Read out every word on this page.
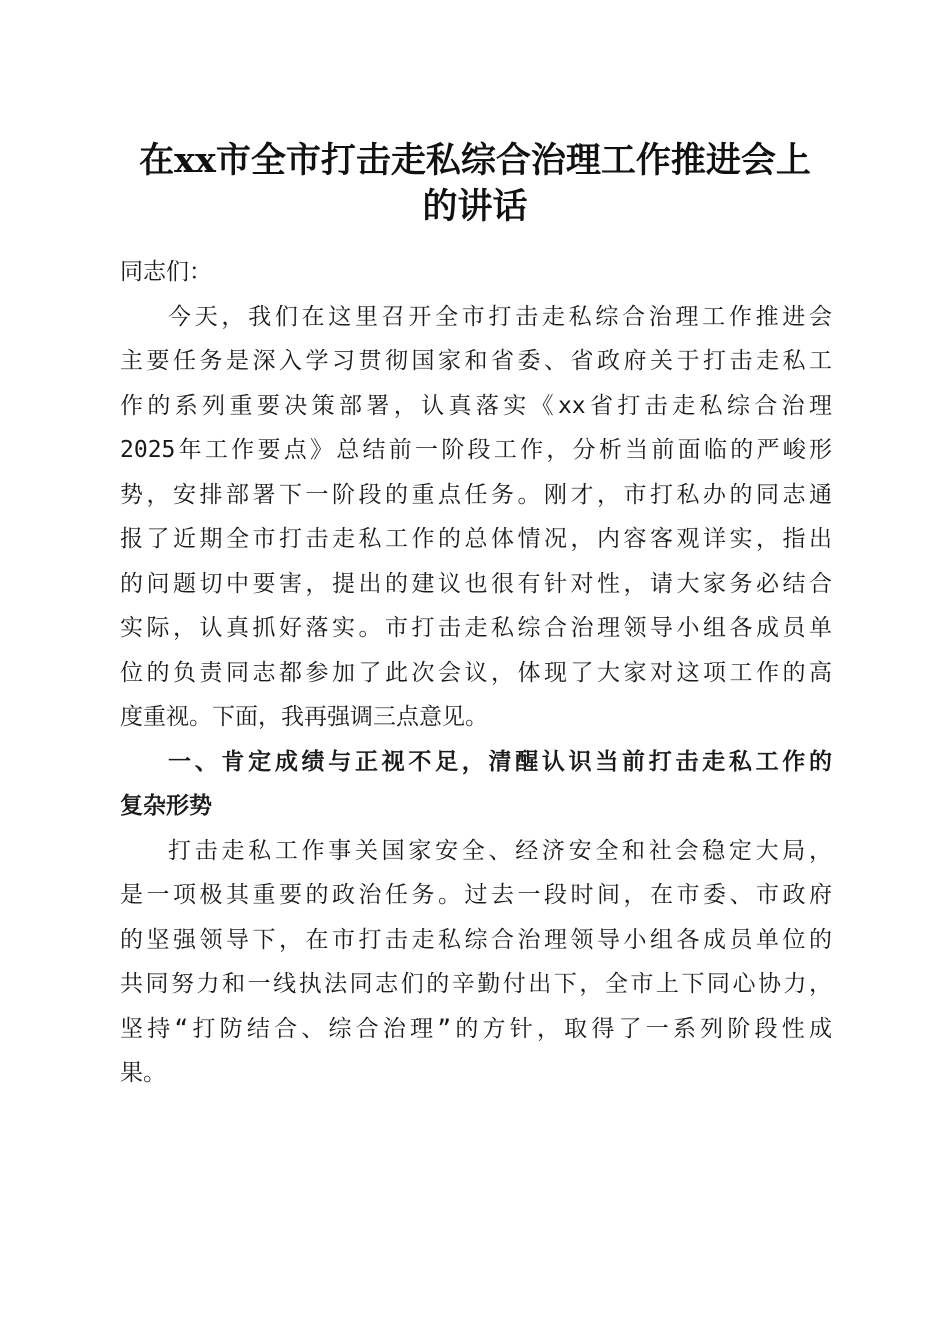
在xx市全市打击走私综合治理工作推进会上
的讲话
同志们：
今天，我们在这里召开全市打击走私综合治理工作推进会
主要任务是深入学习贯彻国家和省委、省政府关于打击走私工
作的系列重要决策部署，认真落实《xx省打击走私综合治理
2025年工作要点》总结前一阶段工作，分析当前面临的严峻形
势，安排部署下一阶段的重点任务。刚才，市打私办的同志通
报了近期全市打击走私工作的总体情况，内容客观详实，指出
的问题切中要害，提出的建议也很有针对性，请大家务必结合
实际，认真抓好落实。市打击走私综合治理领导小组各成员单
位的负责同志都参加了此次会议，体现了大家对这项工作的高
度重视。下面，我再强调三点意见。
一、肯定成绩与正视不足，清醒认识当前打击走私工作的
复杂形势
打击走私工作事关国家安全、经济安全和社会稳定大局，
是一项极其重要的政治任务。过去一段时间，在市委、市政府
的坚强领导下，在市打击走私综合治理领导小组各成员单位的
共同努力和一线执法同志们的辛勤付出下，全市上下同心协力，
坚持“打防结合、综合治理”的方针，取得了一系列阶段性成
果。
